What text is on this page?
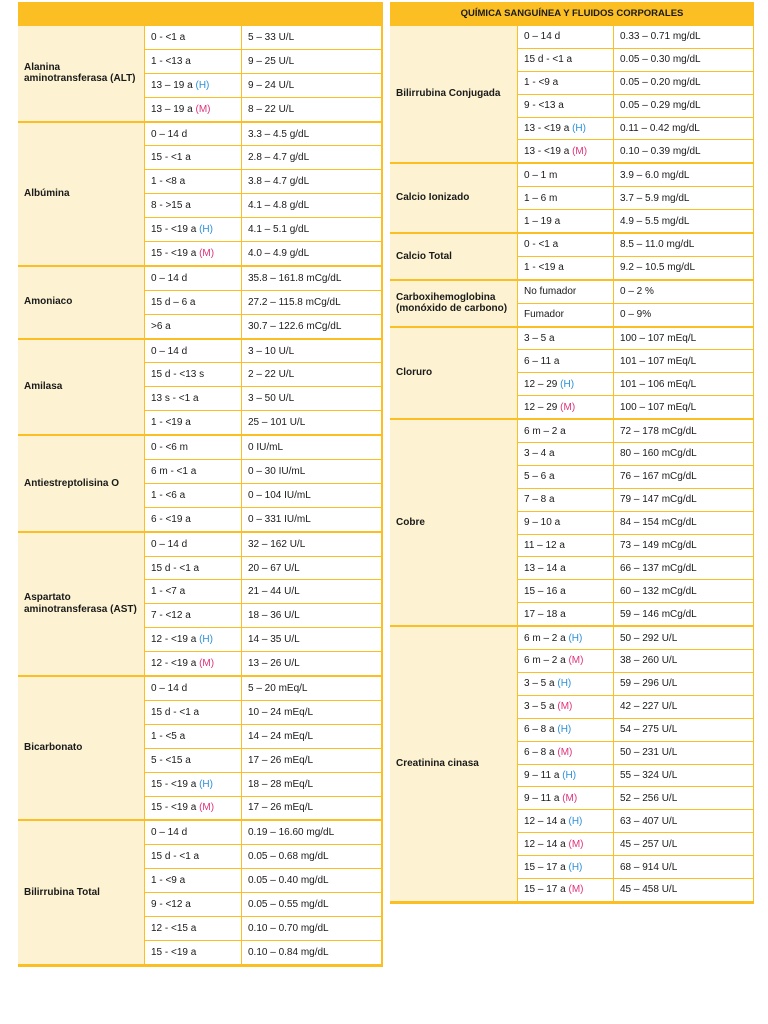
Alanina aminotransferasa (ALT)
0 - <1 a	5 – 33 U/L
1 - <13 a	9 – 25 U/L
13 – 19 a (H)	9 – 24 U/L
13 – 19 a (M)	8 – 22 U/L
Albúmina
0 – 14 d	3.3 – 4.5 g/dL
15 - <1 a	2.8 – 4.7 g/dL
1 - <8 a	3.8 – 4.7 g/dL
8 - >15 a	4.1 – 4.8 g/dL
15 - <19 a (H)	4.1 – 5.1 g/dL
15 - <19 a (M)	4.0 – 4.9 g/dL
Amoniaco
0 – 14 d	35.8 – 161.8 mCg/dL
15 d – 6 a	27.2 – 115.8 mCg/dL
>6 a	30.7 – 122.6 mCg/dL
Amilasa
0 – 14 d	3 – 10 U/L
15 d - <13 s	2 – 22 U/L
13 s - <1 a	3 – 50 U/L
1 - <19 a	25 – 101 U/L
Antiestreptolisina O
0 - <6 m	0 IU/mL
6 m - <1 a	0 – 30 IU/mL
1 - <6 a	0 – 104 IU/mL
6 - <19 a	0 – 331 IU/mL
Aspartato aminotransferasa (AST)
0 – 14 d	32 – 162 U/L
15 d - <1 a	20 – 67 U/L
1 - <7 a	21 – 44 U/L
7 - <12 a	18 – 36 U/L
12 - <19 a (H)	14 – 35 U/L
12 - <19 a (M)	13 – 26 U/L
Bicarbonato
0 – 14 d	5 – 20 mEq/L
15 d - <1 a	10 – 24 mEq/L
1 - <5 a	14 – 24 mEq/L
5 - <15 a	17 – 26 mEq/L
15 - <19 a (H)	18 – 28 mEq/L
15 - <19 a (M)	17 – 26 mEq/L
Bilirrubina Total
0 – 14 d	0.19 – 16.60 mg/dL
15 d - <1 a	0.05 – 0.68 mg/dL
1 - <9 a	0.05 – 0.40 mg/dL
9 - <12 a	0.05 – 0.55 mg/dL
12 - <15 a	0.10 – 0.70 mg/dL
15 - <19 a	0.10 – 0.84 mg/dL
QUÍMICA SANGUÍNEA Y FLUIDOS CORPORALES
Bilirrubina Conjugada
0 – 14 d	0.33 – 0.71 mg/dL
15 d - <1 a	0.05 – 0.30 mg/dL
1 - <9 a	0.05 – 0.20 mg/dL
9 - <13 a	0.05 – 0.29 mg/dL
13 - <19 a (H)	0.11 – 0.42 mg/dL
13 - <19 a (M)	0.10 – 0.39 mg/dL
Calcio Ionizado
0 – 1 m	3.9 – 6.0 mg/dL
1 – 6 m	3.7 – 5.9 mg/dL
1 – 19 a	4.9 – 5.5 mg/dL
Calcio Total
0 - <1 a	8.5 – 11.0 mg/dL
1 - <19 a	9.2 – 10.5 mg/dL
Carboxihemoglobina (monóxido de carbono)
No fumador	0 – 2 %
Fumador	0 – 9%
Cloruro
3 – 5 a	100 – 107 mEq/L
6 – 11 a	101 – 107 mEq/L
12 – 29 (H)	101 – 106 mEq/L
12 – 29 (M)	100 – 107 mEq/L
Cobre
6 m – 2 a	72 – 178 mCg/dL
3 – 4 a	80 – 160 mCg/dL
5 – 6 a	76 – 167 mCg/dL
7 – 8 a	79 – 147 mCg/dL
9 – 10 a	84 – 154 mCg/dL
11 – 12 a	73 – 149 mCg/dL
13 – 14 a	66 – 137 mCg/dL
15 – 16 a	60 – 132 mCg/dL
17 – 18 a	59 – 146 mCg/dL
Creatinina cinasa
6 m – 2 a (H)	50 – 292 U/L
6 m – 2 a (M)	38 – 260 U/L
3 – 5 a (H)	59 – 296 U/L
3 – 5 a (M)	42 – 227 U/L
6 – 8 a (H)	54 – 275 U/L
6 – 8 a (M)	50 – 231 U/L
9 – 11 a (H)	55 – 324 U/L
9 – 11 a (M)	52 – 256 U/L
12 – 14 a (H)	63 – 407 U/L
12 – 14 a (M)	45 – 257 U/L
15 – 17 a (H)	68 – 914 U/L
15 – 17 a (M)	45 – 458 U/L
